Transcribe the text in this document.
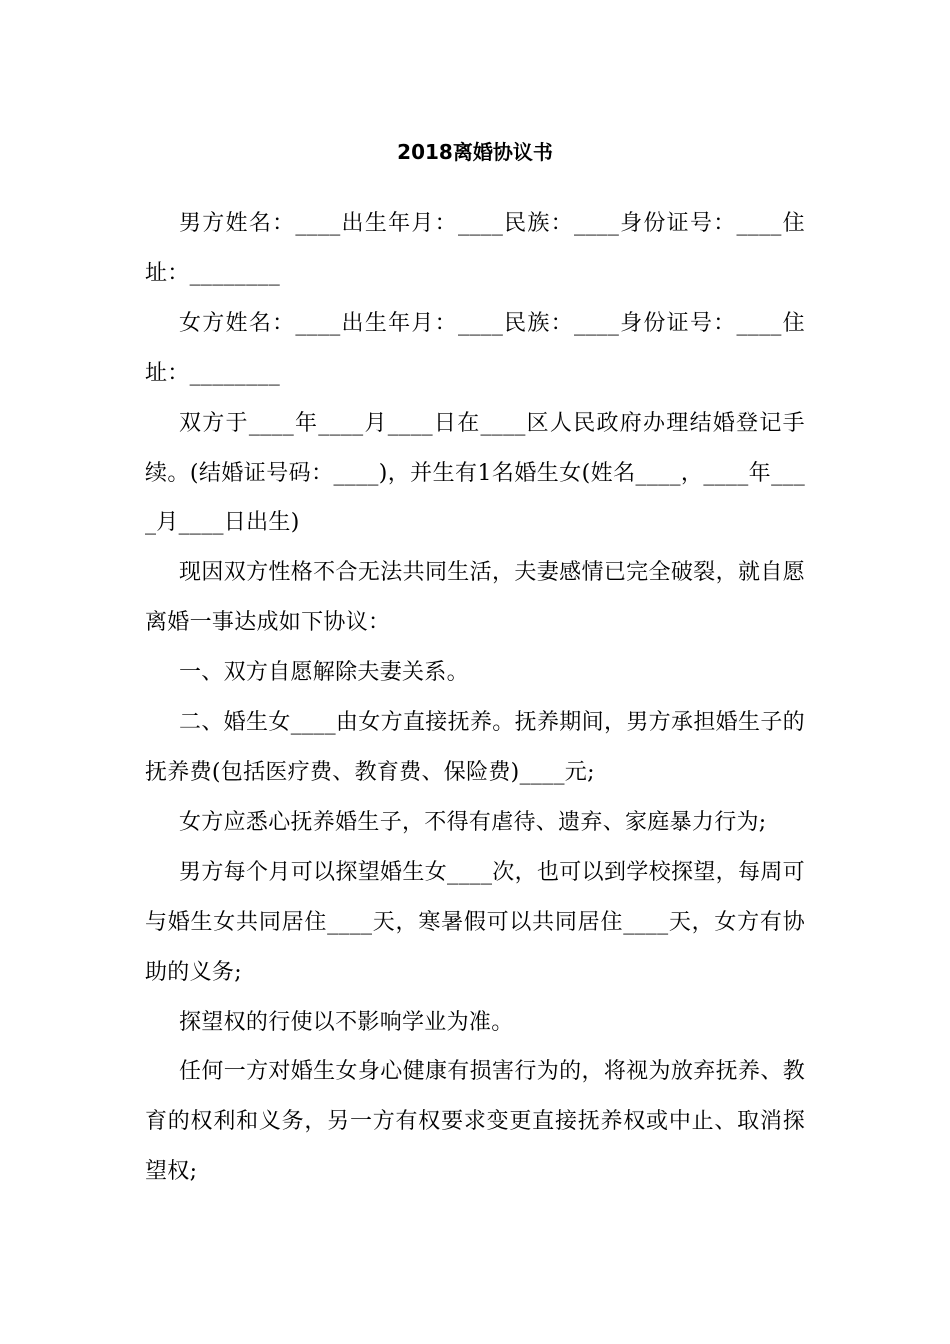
2018离婚协议书

男方姓名：____出生年月：____民族：____身份证号：____住址：________

女方姓名：____出生年月：____民族：____身份证号：____住址：________

双方于____年____月____日在____区人民政府办理结婚登记手续。(结婚证号码：____)，并生有1名婚生女(姓名____，____年____月____日出生)

现因双方性格不合无法共同生活，夫妻感情已完全破裂，就自愿离婚一事达成如下协议：

一、双方自愿解除夫妻关系。

二、婚生女____由女方直接抚养。抚养期间，男方承担婚生子的抚养费(包括医疗费、教育费、保险费)____元;

女方应悉心抚养婚生子，不得有虐待、遗弃、家庭暴力行为;

男方每个月可以探望婚生女____次，也可以到学校探望，每周可与婚生女共同居住____天，寒暑假可以共同居住____天，女方有协助的义务;

探望权的行使以不影响学业为准。

任何一方对婚生女身心健康有损害行为的，将视为放弃抚养、教育的权利和义务，另一方有权要求变更直接抚养权或中止、取消探望权;
